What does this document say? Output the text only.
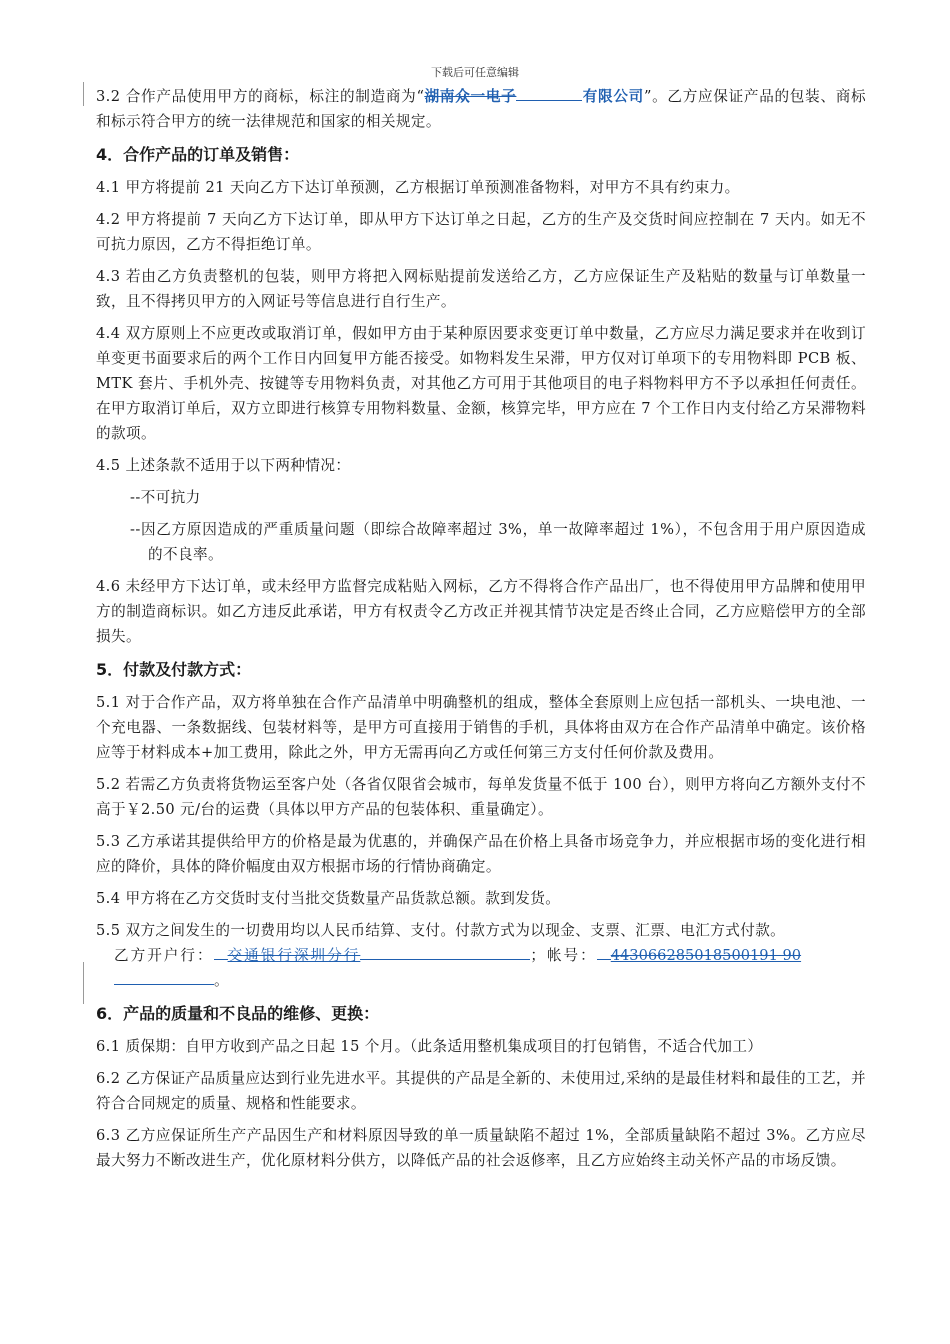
下载后可任意编辑

3.2 合作产品使用甲方的商标，标注的制造商为“湖南众一电子	有限公司”。乙方应保证产品的包装、商标和标示符合甲方的统一法律规范和国家的相关规定。

4．合作产品的订单及销售：

4.1 甲方将提前 21 天向乙方下达订单预测，乙方根据订单预测准备物料，对甲方不具有约束力。

4.2 甲方将提前 7 天向乙方下达订单，即从甲方下达订单之日起，乙方的生产及交货时间应控制在 7 天内。如无不可抗力原因，乙方不得拒绝订单。

4.3 若由乙方负责整机的包装，则甲方将把入网标贴提前发送给乙方，乙方应保证生产及粘贴的数量与订单数量一致，且不得拷贝甲方的入网证号等信息进行自行生产。

4.4 双方原则上不应更改或取消订单，假如甲方由于某种原因要求变更订单中数量，乙方应尽力满足要求并在收到订单变更书面要求后的两个工作日内回复甲方能否接受。如物料发生呆滞，甲方仅对订单项下的专用物料即 PCB 板、MTK 套片、手机外壳、按键等专用物料负责，对其他乙方可用于其他项目的电子料物料甲方不予以承担任何责任。在甲方取消订单后，双方立即进行核算专用物料数量、金额，核算完毕，甲方应在 7 个工作日内支付给乙方呆滞物料的款项。

4.5 上述条款不适用于以下两种情况：

--不可抗力

--因乙方原因造成的严重质量问题（即综合故障率超过 3%，单一故障率超过 1%），不包含用于用户原因造成的不良率。

4.6 未经甲方下达订单，或未经甲方监督完成粘贴入网标，乙方不得将合作产品出厂，也不得使用甲方品牌和使用甲方的制造商标识。如乙方违反此承诺，甲方有权责令乙方改正并视其情节决定是否终止合同，乙方应赔偿甲方的全部损失。

5．付款及付款方式：

5.1 对于合作产品，双方将单独在合作产品清单中明确整机的组成，整体全套原则上应包括一部机头、一块电池、一个充电器、一条数据线、包装材料等，是甲方可直接用于销售的手机，具体将由双方在合作产品清单中确定。该价格应等于材料成本+加工费用，除此之外，甲方无需再向乙方或任何第三方支付任何价款及费用。

5.2 若需乙方负责将货物运至客户处（各省仅限省会城市，每单发货量不低于 100 台），则甲方将向乙方额外支付不高于￥2.50 元/台的运费（具体以甲方产品的包装体积、重量确定）。

5.3 乙方承诺其提供给甲方的价格是最为优惠的，并确保产品在价格上具备市场竞争力，并应根据市场的变化进行相应的降价，具体的降价幅度由双方根据市场的行情协商确定。

5.4 甲方将在乙方交货时支付当批交货数量产品货款总额。款到发货。

5.5 双方之间发生的一切费用均以人民币结算、支付。付款方式为以现金、支票、汇票、电汇方式付款。

乙方开户行： 交通银行深圳分行	；帐号： 443066285018500191 90
。

6．产品的质量和不良品的维修、更换：

6.1 质保期：自甲方收到产品之日起 15 个月。（此条适用整机集成项目的打包销售，不适合代加工）

6.2 乙方保证产品质量应达到行业先进水平。其提供的产品是全新的、未使用过,采纳的是最佳材料和最佳的工艺，并符合合同规定的质量、规格和性能要求。

6.3 乙方应保证所生产产品因生产和材料原因导致的单一质量缺陷不超过 1%，全部质量缺陷不超过 3%。乙方应尽最大努力不断改进生产，优化原材料分供方，以降低产品的社会返修率，且乙方应始终主动关怀产品的市场反馈。
